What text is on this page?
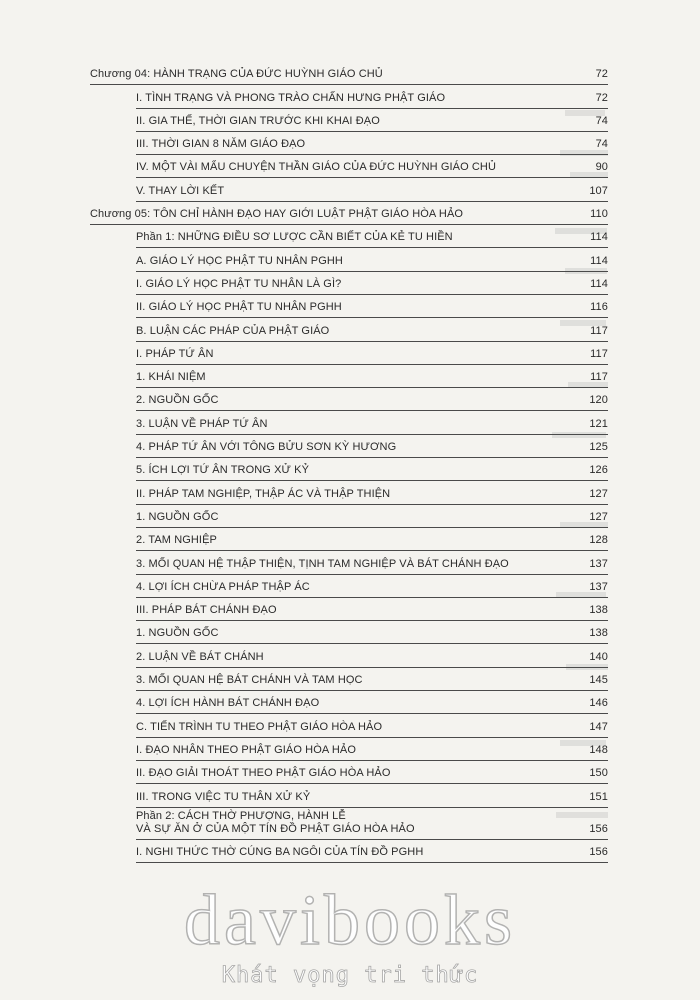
Chương 04: HÀNH TRẠNG CỦA ĐỨC HUỲNH GIÁO CHỦ	72
I. TÌNH TRẠNG VÀ PHONG TRÀO CHẤN HƯNG PHẬT GIÁO	72
II. GIA THẾ, THỜI GIAN TRƯỚC KHI KHAI ĐẠO	74
III. THỜI GIAN 8 NĂM GIÁO ĐẠO	74
IV. MỘT VÀI MẨU CHUYỆN THẦN GIÁO CỦA ĐỨC HUỲNH GIÁO CHỦ	90
V. THAY LỜI KẾT	107
Chương 05: TÔN CHỈ HÀNH ĐẠO HAY GIỚI LUẬT PHẬT GIÁO HÒA HẢO	110
Phần 1: NHỮNG ĐIỀU SƠ LƯỢC CẦN BIẾT CỦA KẺ TU HIỀN	114
A. GIÁO LÝ HỌC PHẬT TU NHÂN PGHH	114
I. GIÁO LÝ HỌC PHẬT TU NHÂN LÀ GÌ?	114
II. GIÁO LÝ HỌC PHẬT TU NHÂN PGHH	116
B. LUẬN CÁC PHÁP CỦA PHẬT GIÁO	117
I. PHÁP TỨ ÂN	117
1. KHÁI NIỆM	117
2. NGUỒN GỐC	120
3. LUẬN VỀ PHÁP TỨ ÂN	121
4. PHÁP TỨ ÂN VỚI TÔNG BỬU SƠN KỲ HƯƠNG	125
5. ÍCH LỢI TỨ ÂN TRONG XỬ KỶ	126
II. PHÁP TAM NGHIỆP, THẬP ÁC VÀ THẬP THIỆN	127
1. NGUỒN GỐC	127
2. TAM NGHIỆP	128
3. MỐI QUAN HỆ THẬP THIỆN, TỊNH TAM NGHIỆP VÀ BÁT CHÁNH ĐẠO	137
4. LỢI ÍCH CHỪA PHÁP THẬP ÁC	137
III. PHÁP BÁT CHÁNH ĐẠO	138
1. NGUỒN GỐC	138
2. LUẬN VỀ BÁT CHÁNH	140
3. MỐI QUAN HỆ BÁT CHÁNH VÀ TAM HỌC	145
4. LỢI ÍCH HÀNH BÁT CHÁNH ĐẠO	146
C. TIẾN TRÌNH TU THEO PHẬT GIÁO HÒA HẢO	147
I. ĐẠO NHÂN THEO PHẬT GIÁO HÒA HẢO	148
II. ĐẠO GIẢI THOÁT THEO PHẬT GIÁO HÒA HẢO	150
III. TRONG VIỆC TU THÂN XỬ KỶ	151
Phần 2: CÁCH THỜ PHƯỢNG, HÀNH LỄ
VÀ SỰ ĂN Ở CỦA MỘT TÍN ĐỒ PHẬT GIÁO HÒA HẢO	156
I. NGHI THỨC THỜ CÚNG BA NGÔI CỦA TÍN ĐỒ PGHH	156
davibooks
Khát vọng tri thức
